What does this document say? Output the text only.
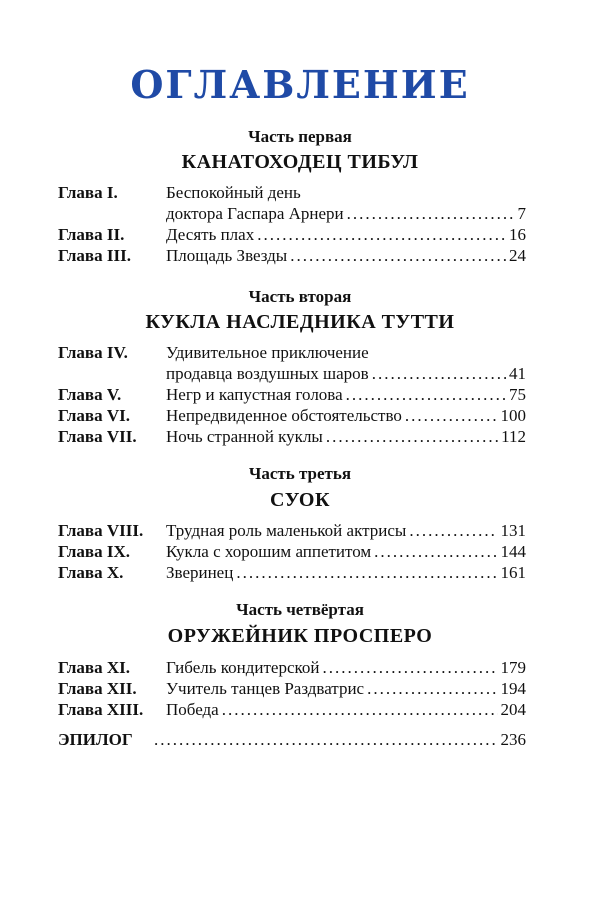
ОГЛАВЛЕНИЕ
Часть первая
КАНАТОХОДЕЦ ТИБУЛ
Глава I.	Беспокойный день
доктора Гаспара Арнери .....	7
Глава II. Десять плах .....	16
Глава III. Площадь Звезды .....	24
Часть вторая
КУКЛА НАСЛЕДНИКА ТУТТИ
Глава IV. Удивительное приключение
продавца воздушных шаров .....	41
Глава V.	Негр и капустная голова .....	75
Глава VI. Непредвиденное обстоятельство .....	100
Глава VII. Ночь странной куклы .....	112
Часть третья
СУОК
Глава VIII. Трудная роль маленькой актрисы .....	131
Глава IX. Кукла с хорошим аппетитом .....	144
Глава X.	Зверинец .....	161
Часть четвёртая
ОРУЖЕЙНИК ПРОСПЕРО
Глава XI. Гибель кондитерской .....	179
Глава XII. Учитель танцев Раздватрис .....	194
Глава XIII. Победа .....	204
ЭПИЛОГ .....	236
